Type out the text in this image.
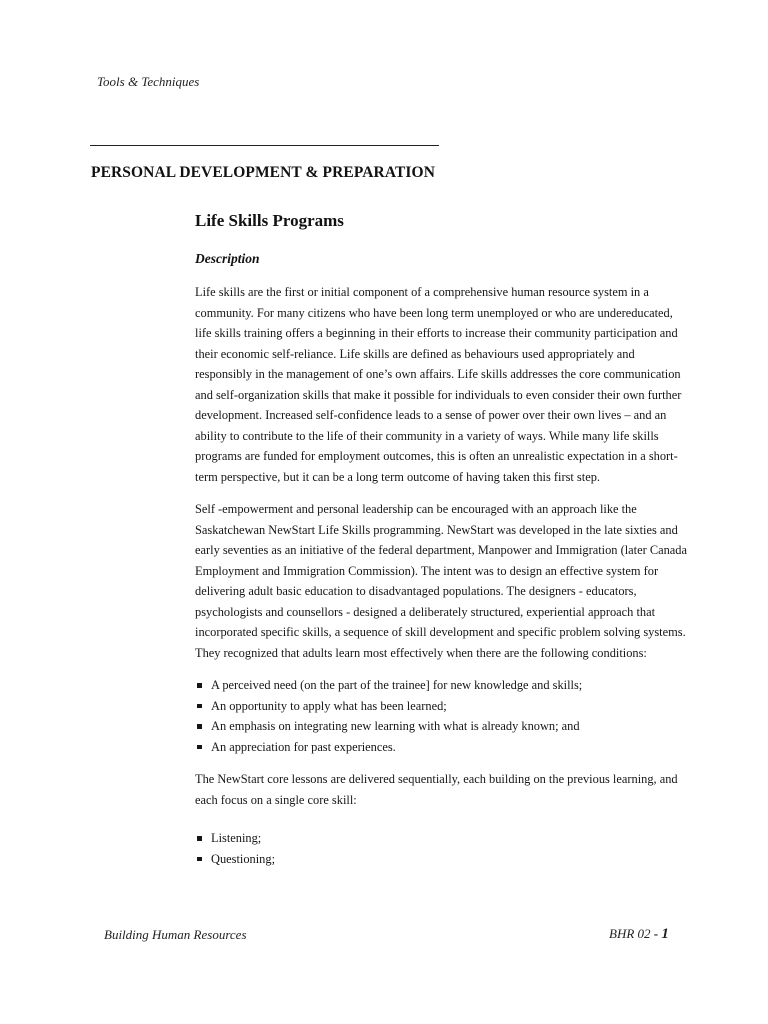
Tools & Techniques
PERSONAL DEVELOPMENT & PREPARATION
Life Skills Programs
Description

Life skills are the first or initial component of a comprehensive human resource system in a community. For many citizens who have been long term unemployed or who are undereducated, life skills training offers a beginning in their efforts to increase their community participation and their economic self-reliance. Life skills are defined as behaviours used appropriately and responsibly in the management of one’s own affairs. Life skills addresses the core communication and self-organization skills that make it possible for individuals to even consider their own further development. Increased self-confidence leads to a sense of power over their own lives – and an ability to contribute to the life of their community in a variety of ways. While many life skills programs are funded for employment outcomes, this is often an unrealistic expectation in a short-term perspective, but it can be a long term outcome of having taken this first step.

Self -empowerment and personal leadership can be encouraged with an approach like the Saskatchewan NewStart Life Skills programming. NewStart was developed in the late sixties and early seventies as an initiative of the federal department, Manpower and Immigration (later Canada Employment and Immigration Commission). The intent was to design an effective system for delivering adult basic education to disadvantaged populations. The designers - educators, psychologists and counsellors - designed a deliberately structured, experiential approach that incorporated specific skills, a sequence of skill development and specific problem solving systems. They recognized that adults learn most effectively when there are the following conditions:

A perceived need (on the part of the trainee] for new knowledge and skills;
An opportunity to apply what has been learned;
An emphasis on integrating new learning with what is already known; and
An appreciation for past experiences.

The NewStart core lessons are delivered sequentially, each building on the previous learning, and each focus on a single core skill:

Listening;
Questioning;
Building Human Resources	BHR 02 - 1
